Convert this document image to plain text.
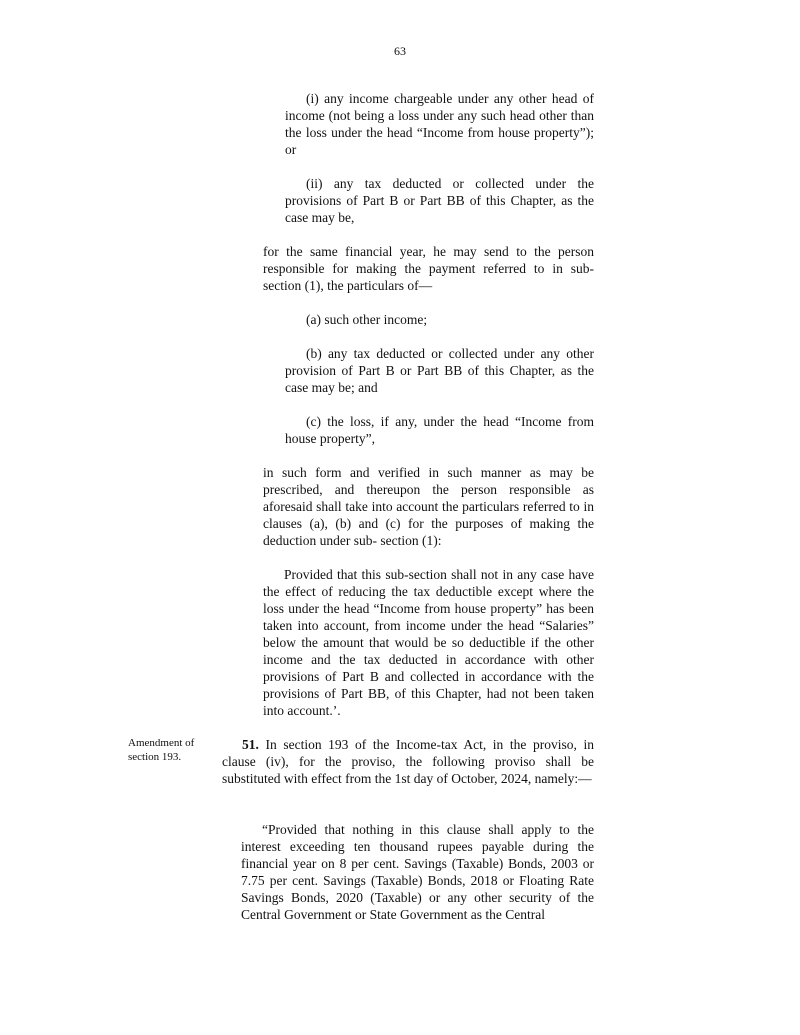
63

(i) any income chargeable under any other head of income (not being a loss under any such head other than the loss under the head “Income from house property”); or

(ii) any tax deducted or collected under the provisions of Part B or Part BB of this Chapter, as the case may be,

for the same financial year, he may send to the person responsible for making the payment referred to in sub-section (1), the particulars of—

(a) such other income;

(b) any tax deducted or collected under any other provision of Part B or Part BB of this Chapter, as the case may be; and

(c) the loss, if any, under the head “Income from house property”,

in such form and verified in such manner as may be prescribed, and thereupon the person responsible as aforesaid shall take into account the particulars referred to in clauses (a), (b) and (c) for the purposes of making the deduction under sub- section (1):

Provided that this sub-section shall not in any case have the effect of reducing the tax deductible except where the loss under the head “Income from house property” has been taken into account, from income under the head “Salaries” below the amount that would be so deductible if the other income and the tax deducted in accordance with other provisions of Part B and collected in accordance with the provisions of Part BB, of this Chapter, had not been taken into account.’.

Amendment of section 193.

51. In section 193 of the Income-tax Act, in the proviso, in clause (iv), for the proviso, the following proviso shall be substituted with effect from the 1st day of October, 2024, namely:—

“Provided that nothing in this clause shall apply to the interest exceeding ten thousand rupees payable during the financial year on 8 per cent. Savings (Taxable) Bonds, 2003 or 7.75 per cent. Savings (Taxable) Bonds, 2018 or Floating Rate Savings Bonds, 2020 (Taxable) or any other security of the Central Government or State Government as the Central
